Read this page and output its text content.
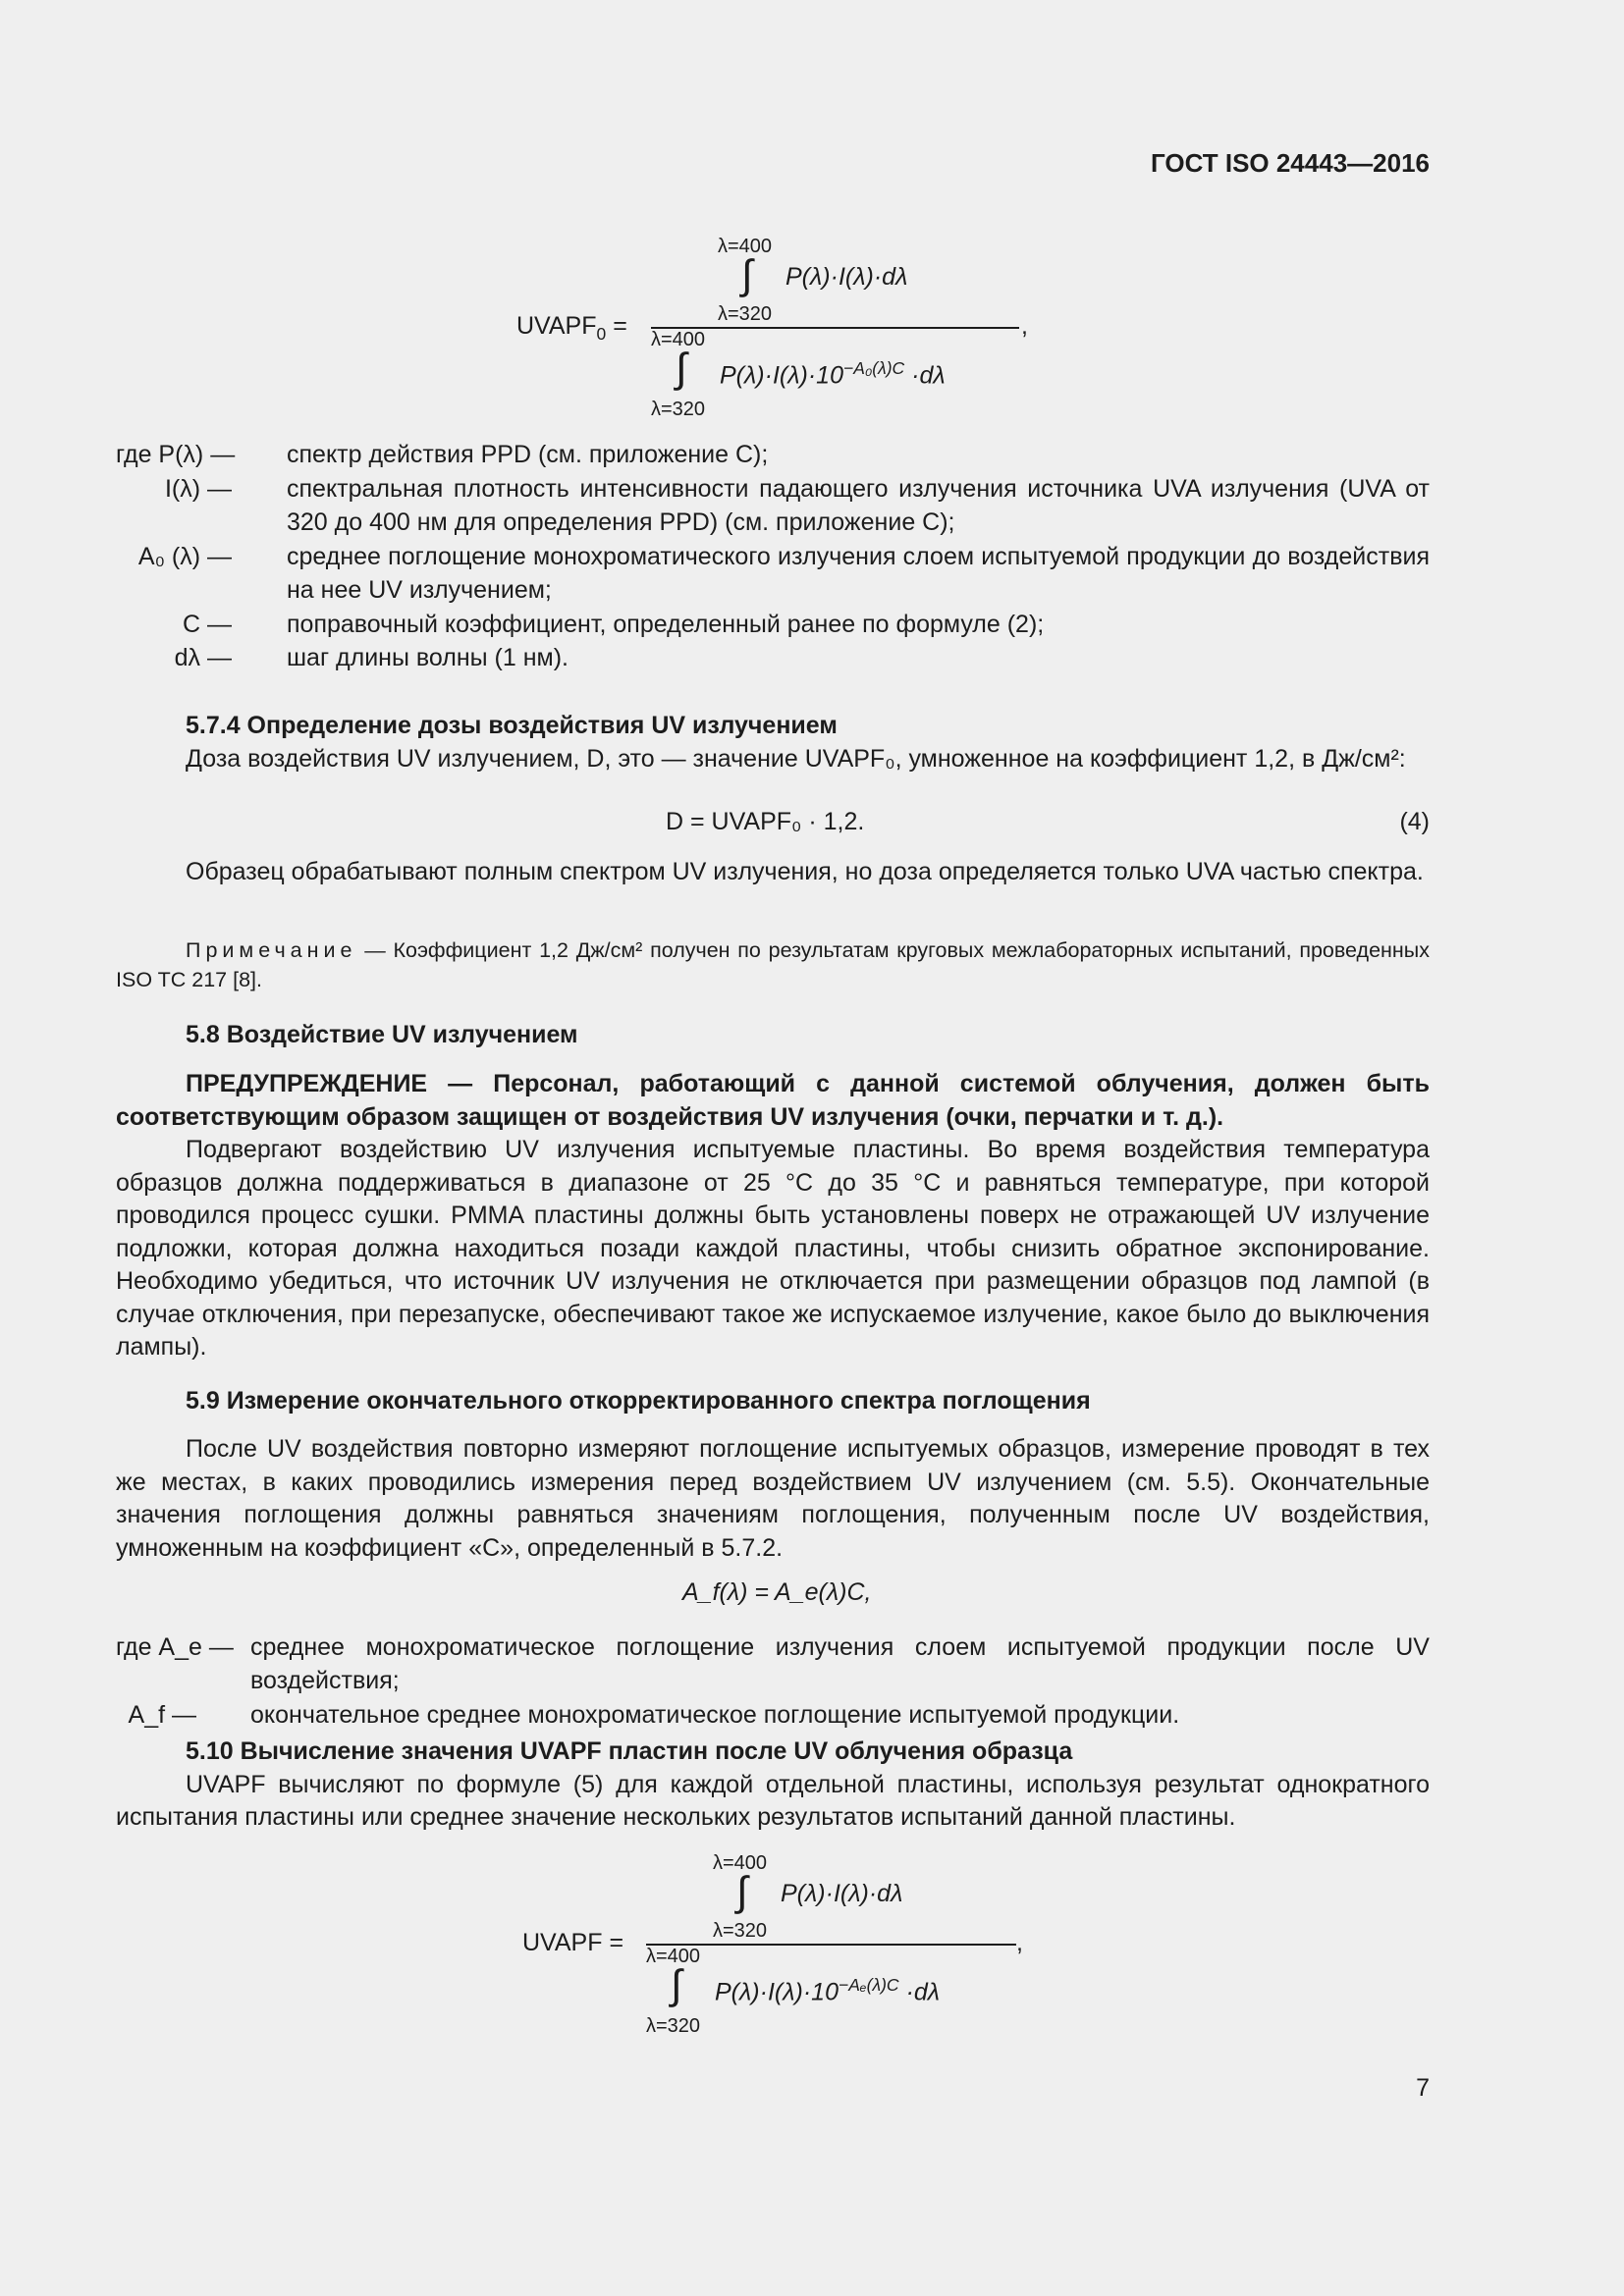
ГОСТ ISO 24443—2016
$UVAPF_0$ =
λ=400
∫ P(λ)·I(λ)·dλ
λ=320
λ=400
∫ $P(\lambda)\cdot I(\lambda)\cdot 10^{-A_0(\lambda)C} \cdot d\lambda$
λ=320
,
где P(λ) — спектр действия PPD (см. приложение С);
I(λ) — спектральная плотность интенсивности падающего излучения источника UVA излучения (UVA от 320 до 400 нм для определения PPD) (см. приложение С);
A₀ (λ) — среднее поглощение монохроматического излучения слоем испытуемой продукции до воздействия на нее UV излучением;
C — поправочный коэффициент, определенный ранее по формуле (2);
dλ — шаг длины волны (1 нм).

5.7.4 Определение дозы воздействия UV излучением

Доза воздействия UV излучением, D, это — значение UVAPF₀, умноженное на коэффициент 1,2, в Дж/см²:

D = UVAPF₀ · 1,2.	(4)

Образец обрабатывают полным спектром UV излучения, но доза определяется только UVA частью спектра.

Примечание — Коэффициент 1,2 Дж/см² получен по результатам круговых межлабораторных испытаний, проведенных ISO TC 217 [8].

5.8 Воздействие UV излучением

ПРЕДУПРЕЖДЕНИЕ — Персонал, работающий с данной системой облучения, должен быть соответствующим образом защищен от воздействия UV излучения (очки, перчатки и т. д.).

Подвергают воздействию UV излучения испытуемые пластины. Во время воздействия температура образцов должна поддерживаться в диапазоне от 25 °С до 35 °С и равняться температуре, при которой проводился процесс сушки. PMMA пластины должны быть установлены поверх не отражающей UV излучение подложки, которая должна находиться позади каждой пластины, чтобы снизить обратное экспонирование. Необходимо убедиться, что источник UV излучения не отключается при размещении образцов под лампой (в случае отключения, при перезапуске, обеспечивают такое же испускаемое излучение, какое было до выключения лампы).

5.9 Измерение окончательного откорректированного спектра поглощения

После UV воздействия повторно измеряют поглощение испытуемых образцов, измерение проводят в тех же местах, в каких проводились измерения перед воздействием UV излучением (см. 5.5). Окончательные значения поглощения должны равняться значениям поглощения, полученным после UV воздействия, умноженным на коэффициент «C», определенный в 5.7.2.

A_f(λ) = A_e(λ)C,
где A_e — среднее монохроматическое поглощение излучения слоем испытуемой продукции после UV воздействия;
A_f — окончательное среднее монохроматическое поглощение испытуемой продукции.

5.10 Вычисление значения UVAPF пластин после UV облучения образца

UVAPF вычисляют по формуле (5) для каждой отдельной пластины, используя результат однократного испытания пластины или среднее значение нескольких результатов испытаний данной пластины.

UVAPF =
λ=400
∫ P(λ)·I(λ)·dλ
λ=320
λ=400
∫ $P(\lambda)\cdot I(\lambda)\cdot 10^{-A_e(\lambda)C} \cdot d\lambda$
λ=320
,
7
